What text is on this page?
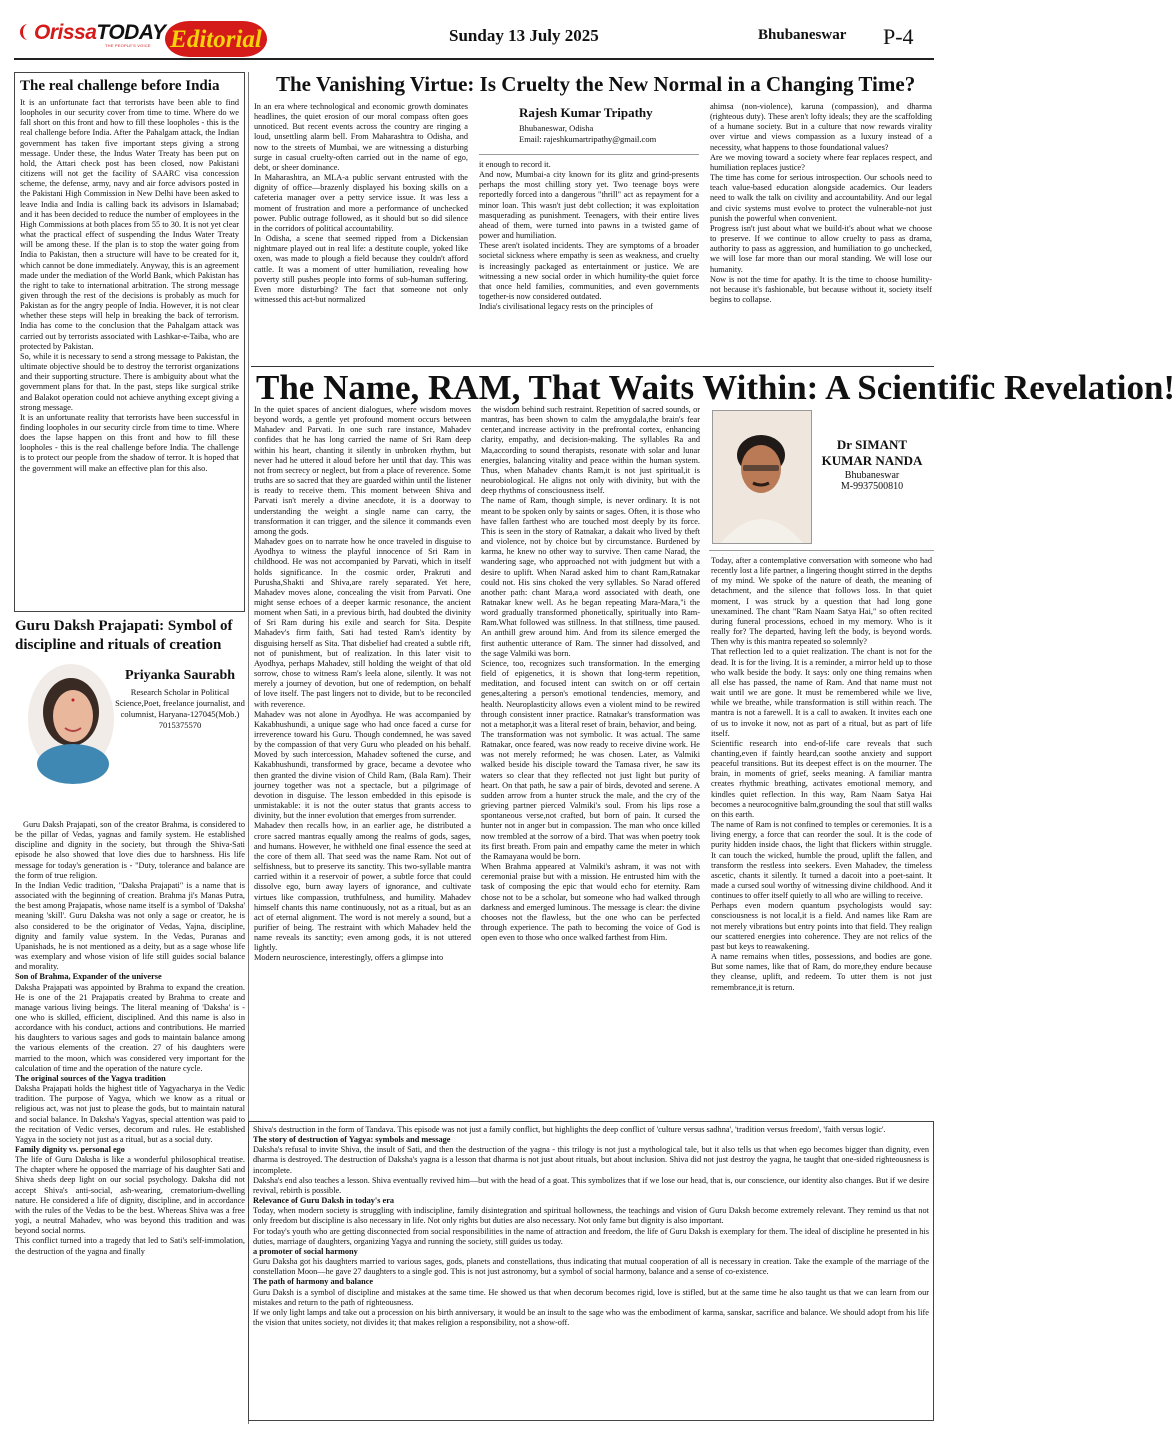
OrissaTODAY
THE PEOPLE'S VOICE Editorial	Sunday 13 July 2025	Bhubaneswar P-4
The real challenge before India

It is an unfortunate fact that terrorists have been able to find loopholes in our security cover from time to time. Where do we fall short on this front and how to fill these loopholes - this is the real challenge before India. After the Pahalgam attack, the Indian government has taken five important steps giving a strong message. Under these, the Indus Water Treaty has been put on hold, the Attari check post has been closed, now Pakistani citizens will not get the facility of SAARC visa concession scheme, the defense, army, navy and air force advisors posted in the Pakistani High Commission in New Delhi have been asked to leave India and India is calling back its advisors in Islamabad; and it has been decided to reduce the number of employees in the High Commissions at both places from 55 to 30. It is not yet clear what the practical effect of suspending the Indus Water Treaty will be among these. If the plan is to stop the water going from India to Pakistan, then a structure will have to be created for it, which cannot be done immediately. Anyway, this is an agreement made under the mediation of the World Bank, which Pakistan has the right to take to international arbitration. The strong message given through the rest of the decisions is probably as much for Pakistan as for the angry people of India. However, it is not clear whether these steps will help in breaking the back of terrorism. India has come to the conclusion that the Pahalgam attack was carried out by terrorists associated with Lashkar-e-Taiba, who are protected by Pakistan.
So, while it is necessary to send a strong message to Pakistan, the ultimate objective should be to destroy the terrorist organizations and their supporting structure. There is ambiguity about what the government plans for that. In the past, steps like surgical strike and Balakot operation could not achieve anything except giving a strong message.
It is an unfortunate reality that terrorists have been successful in finding loopholes in our security circle from time to time. Where does the lapse happen on this front and how to fill these loopholes - this is the real challenge before India. The challenge is to protect our people from the shadow of terror. It is hoped that the government will make an effective plan for this also.

Guru Daksh Prajapati: Symbol of discipline and rituals of creation
Priyanka Saurabh
Research Scholar in Political Science,Poet, freelance journalist, and columnist, Haryana-127045(Mob.) 7015375570

Guru Daksh Prajapati, son of the creator Brahma, is considered to be the pillar of Vedas, yagnas and family system. He established discipline and dignity in the society, but through the Shiva-Sati episode he also showed that love dies due to harshness. His life message for today's generation is - "Duty, tolerance and balance are the form of true religion.
In the Indian Vedic tradition, "Daksha Prajapati" is a name that is associated with the beginning of creation. Brahma ji's Manas Putra, the best among Prajapatis, whose name itself is a symbol of 'Daksha' meaning 'skill'. Guru Daksha was not only a sage or creator, he is also considered to be the originator of Vedas, Yajna, discipline, dignity and family value system. In the Vedas, Puranas and Upanishads, he is not mentioned as a deity, but as a sage whose life was exemplary and whose vision of life still guides social balance and morality.

Son of Brahma, Expander of the universe

Daksha Prajapati was appointed by Brahma to expand the creation. He is one of the 21 Prajapatis created by Brahma to create and manage various living beings. The literal meaning of 'Daksha' is - one who is skilled, efficient, disciplined. And this name is also in accordance with his conduct, actions and contributions. He married his daughters to various sages and gods to maintain balance among the various elements of the creation. 27 of his daughters were married to the moon, which was considered very important for the calculation of time and the operation of the nature cycle.

The original sources of the Yagya tradition

Daksha Prajapati holds the highest title of Yagyacharya in the Vedic tradition. The purpose of Yagya, which we know as a ritual or religious act, was not just to please the gods, but to maintain natural and social balance. In Daksha's Yagyas, special attention was paid to the recitation of Vedic verses, decorum and rules. He established Yagya in the society not just as a ritual, but as a social duty.

Family dignity vs. personal ego

The life of Guru Daksha is like a wonderful philosophical treatise. The chapter where he opposed the marriage of his daughter Sati and Shiva sheds deep light on our social psychology. Daksha did not accept Shiva's anti-social, ash-wearing, crematorium-dwelling nature. He considered a life of dignity, discipline, and in accordance with the rules of the Vedas to be the best. Whereas Shiva was a free yogi, a neutral Mahadev, who was beyond this tradition and was beyond social norms.
This conflict turned into a tragedy that led to Sati's self-immolation, the destruction of the yagna and finally

The Vanishing Virtue: Is Cruelty the New Normal in a Changing Time?

In an era where technological and economic growth dominates headlines, the quiet erosion of our moral compass often goes unnoticed. But recent events across the country are ringing a loud, unsettling alarm bell. From Maharashtra to Odisha, and now to the streets of Mumbai, we are witnessing a disturbing surge in casual cruelty-often carried out in the name of ego, debt, or sheer dominance.
In Maharashtra, an MLA-a public servant entrusted with the dignity of office—brazenly displayed his boxing skills on a cafeteria manager over a petty service issue. It was less a moment of frustration and more a performance of unchecked power. Public outrage followed, as it should but so did silence in the corridors of political accountability.
In Odisha, a scene that seemed ripped from a Dickensian nightmare played out in real life: a destitute couple, yoked like oxen, was made to plough a field because they couldn't afford cattle. It was a moment of utter humiliation, revealing how poverty still pushes people into forms of sub-human suffering. Even more disturbing? The fact that someone not only witnessed this act-but normalized

Rajesh Kumar Tripathy
Bhubaneswar, Odisha
Email: rajeshkumartripathy@gmail.com

it enough to record it.
And now, Mumbai-a city known for its glitz and grind-presents perhaps the most chilling story yet. Two teenage boys were reportedly forced into a dangerous "thrill" act as repayment for a minor loan. This wasn't just debt collection; it was exploitation masquerading as punishment. Teenagers, with their entire lives ahead of them, were turned into pawns in a twisted game of power and humiliation.
These aren't isolated incidents. They are symptoms of a broader societal sickness where empathy is seen as weakness, and cruelty is increasingly packaged as entertainment or justice. We are witnessing a new social order in which humility-the quiet force that once held families, communities, and even governments together-is now considered outdated.
India's civilisational legacy rests on the principles of

ahimsa (non-violence), karuna (compassion), and dharma (righteous duty). These aren't lofty ideals; they are the scaffolding of a humane society. But in a culture that now rewards virality over virtue and views compassion as a luxury instead of a necessity, what happens to those foundational values?
Are we moving toward a society where fear replaces respect, and humiliation replaces justice?
The time has come for serious introspection. Our schools need to teach value-based education alongside academics. Our leaders need to walk the talk on civility and accountability. And our legal and civic systems must evolve to protect the vulnerable-not just punish the powerful when convenient.
Progress isn't just about what we build-it's about what we choose to preserve. If we continue to allow cruelty to pass as drama, authority to pass as aggression, and humiliation to go unchecked, we will lose far more than our moral standing. We will lose our humanity.
Now is not the time for apathy. It is the time to choose humility-not because it's fashionable, but because without it, society itself begins to collapse.

The Name, RAM, That Waits Within: A Scientific Revelation!

In the quiet spaces of ancient dialogues, where wisdom moves beyond words, a gentle yet profound moment occurs between Mahadev and Parvati. In one such rare instance, Mahadev confides that he has long carried the name of Sri Ram deep within his heart, chanting it silently in unbroken rhythm, but never had he uttered it aloud before her until that day. This was not from secrecy or neglect, but from a place of reverence. Some truths are so sacred that they are guarded within until the listener is ready to receive them. This moment between Shiva and Parvati isn't merely a divine anecdote, it is a doorway to understanding the weight a single name can carry, the transformation it can trigger, and the silence it commands even among the gods.
Mahadev goes on to narrate how he once traveled in disguise to Ayodhya to witness the playful innocence of Sri Ram in childhood. He was not accompanied by Parvati, which in itself holds significance. In the cosmic order, Prakruti and Purusha,Shakti and Shiva,are rarely separated. Yet here, Mahadev moves alone, concealing the visit from Parvati. One might sense echoes of a deeper karmic resonance, the ancient moment when Sati, in a previous birth, had doubted the divinity of Sri Ram during his exile and search for Sita. Despite Mahadev's firm faith, Sati had tested Ram's identity by disguising herself as Sita. That disbelief had created a subtle rift, not of punishment, but of realization. In this later visit to Ayodhya, perhaps Mahadev, still holding the weight of that old sorrow, chose to witness Ram's leela alone, silently. It was not merely a journey of devotion, but one of redemption, on behalf of love itself. The past lingers not to divide, but to be reconciled with reverence.
Mahadev was not alone in Ayodhya. He was accompanied by Kakabhushundi, a unique sage who had once faced a curse for irreverence toward his Guru. Though condemned, he was saved by the compassion of that very Guru who pleaded on his behalf. Moved by such intercession, Mahadev softened the curse, and Kakabhushundi, transformed by grace, became a devotee who then granted the divine vision of Child Ram, (Bala Ram). Their journey together was not a spectacle, but a pilgrimage of devotion in disguise. The lesson embedded in this episode is unmistakable: it is not the outer status that grants access to divinity, but the inner evolution that emerges from surrender.
Mahadev then recalls how, in an earlier age, he distributed a crore sacred mantras equally among the realms of gods, sages, and humans. However, he withheld one final essence the seed at the core of them all. That seed was the name Ram. Not out of selfishness, but to preserve its sanctity. This two-syllable mantra carried within it a reservoir of power, a subtle force that could dissolve ego, burn away layers of ignorance, and cultivate virtues like compassion, truthfulness, and humility. Mahadev himself chants this name continuously, not as a ritual, but as an act of eternal alignment. The word is not merely a sound, but a purifier of being. The restraint with which Mahadev held the name reveals its sanctity; even among gods, it is not uttered lightly.
Modern neuroscience, interestingly, offers a glimpse into

the wisdom behind such restraint. Repetition of sacred sounds, or mantras, has been shown to calm the amygdala,the brain's fear center,and increase activity in the prefrontal cortex, enhancing clarity, empathy, and decision-making. The syllables Ra and Ma,according to sound therapists, resonate with solar and lunar energies, balancing vitality and peace within the human system. Thus, when Mahadev chants Ram,it is not just spiritual,it is neurobiological. He aligns not only with divinity, but with the deep rhythms of consciousness itself.
The name of Ram, though simple, is never ordinary. It is not meant to be spoken only by saints or sages. Often, it is those who have fallen farthest who are touched most deeply by its force. This is seen in the story of Ratnakar, a dakait who lived by theft and violence, not by choice but by circumstance. Burdened by karma, he knew no other way to survive. Then came Narad, the wandering sage, who approached not with judgment but with a desire to uplift. When Narad asked him to chant Ram,Ratnakar could not. His sins choked the very syllables. So Narad offered another path: chant Mara,a word associated with death, one Ratnakar knew well. As he began repeating Mara-Mara,"i the word gradually transformed phonetically, spiritually into Ram-Ram.What followed was stillness. In that stillness, time paused. An anthill grew around him. And from its silence emerged the first authentic utterance of Ram. The sinner had dissolved, and the sage Valmiki was born.
Science, too, recognizes such transformation. In the emerging field of epigenetics, it is shown that long-term repetition, meditation, and focused intent can switch on or off certain genes,altering a person's emotional tendencies, memory, and health. Neuroplasticity allows even a violent mind to be rewired through consistent inner practice. Ratnakar's transformation was not a metaphor,it was a literal reset of brain, behavior, and being.
The transformation was not symbolic. It was actual. The same Ratnakar, once feared, was now ready to receive divine work. He was not merely reformed; he was chosen. Later, as Valmiki walked beside his disciple toward the Tamasa river, he saw its waters so clear that they reflected not just light but purity of heart. On that path, he saw a pair of birds, devoted and serene. A sudden arrow from a hunter struck the male, and the cry of the grieving partner pierced Valmiki's soul. From his lips rose a spontaneous verse,not crafted, but born of pain. It cursed the hunter not in anger but in compassion. The man who once killed now trembled at the sorrow of a bird. That was when poetry took its first breath. From pain and empathy came the meter in which the Ramayana would be born.
When Brahma appeared at Valmiki's ashram, it was not with ceremonial praise but with a mission. He entrusted him with the task of composing the epic that would echo for eternity. Ram chose not to be a scholar, but someone who had walked through darkness and emerged luminous. The message is clear: the divine chooses not the flawless, but the one who can be perfected through experience. The path to becoming the voice of God is open even to those who once walked farthest from Him.

Dr SIMANT
KUMAR NANDA
Bhubaneswar
M-9937500810

Today, after a contemplative conversation with someone who had recently lost a life partner, a lingering thought stirred in the depths of my mind. We spoke of the nature of death, the meaning of detachment, and the silence that follows loss. In that quiet moment, I was struck by a question that had long gone unexamined. The chant "Ram Naam Satya Hai," so often recited during funeral processions, echoed in my memory. Who is it really for? The departed, having left the body, is beyond words. Then why is this mantra repeated so solemnly?
That reflection led to a quiet realization. The chant is not for the dead. It is for the living. It is a reminder, a mirror held up to those who walk beside the body. It says: only one thing remains when all else has passed, the name of Ram. And that name must not wait until we are gone. It must be remembered while we live, while we breathe, while transformation is still within reach. The mantra is not a farewell. It is a call to awaken. It invites each one of us to invoke it now, not as part of a ritual, but as part of life itself.
Scientific research into end-of-life care reveals that such chanting,even if faintly heard,can soothe anxiety and support peaceful transitions. But its deepest effect is on the mourner. The brain, in moments of grief, seeks meaning. A familiar mantra creates rhythmic breathing, activates emotional memory, and kindles quiet reflection. In this way, Ram Naam Satya Hai becomes a neurocognitive balm,grounding the soul that still walks on this earth.
The name of Ram is not confined to temples or ceremonies. It is a living energy, a force that can reorder the soul. It is the code of purity hidden inside chaos, the light that flickers within struggle. It can touch the wicked, humble the proud, uplift the fallen, and transform the restless into seekers. Even Mahadev, the timeless ascetic, chants it silently. It turned a dacoit into a poet-saint. It made a cursed soul worthy of witnessing divine childhood. And it continues to offer itself quietly to all who are willing to receive.
Perhaps even modern quantum psychologists would say: consciousness is not local,it is a field. And names like Ram are not merely vibrations but entry points into that field. They realign our scattered energies into coherence. They are not relics of the past but keys to reawakening.
A name remains when titles, possessions, and bodies are gone. But some names, like that of Ram, do more,they endure because they cleanse, uplift, and redeem. To utter them is not just remembrance,it is return.

Shiva's destruction in the form of Tandava. This episode was not just a family conflict, but highlights the deep conflict of 'culture versus sadhna', 'tradition versus freedom', 'faith versus logic'.

The story of destruction of Yagya: symbols and message

Daksha's refusal to invite Shiva, the insult of Sati, and then the destruction of the yagna - this trilogy is not just a mythological tale, but it also tells us that when ego becomes bigger than dignity, even dharma is destroyed. The destruction of Daksha's yagna is a lesson that dharma is not just about rituals, but about inclusion. Shiva did not just destroy the yagna, he taught that one-sided righteousness is incomplete.
Daksha's end also teaches a lesson. Shiva eventually revived him—but with the head of a goat. This symbolizes that if we lose our head, that is, our conscience, our identity also changes. But if we desire revival, rebirth is possible.

Relevance of Guru Daksh in today's era

Today, when modern society is struggling with indiscipline, family disintegration and spiritual hollowness, the teachings and vision of Guru Daksh become extremely relevant. They remind us that not only freedom but discipline is also necessary in life. Not only rights but duties are also necessary. Not only fame but dignity is also important.
For today's youth who are getting disconnected from social responsibilities in the name of attraction and freedom, the life of Guru Daksh is exemplary for them. The ideal of discipline he presented in his duties, marriage of daughters, organizing Yagya and running the society, still guides us today.

a promoter of social harmony

Guru Daksha got his daughters married to various sages, gods, planets and constellations, thus indicating that mutual cooperation of all is necessary in creation. Take the example of the marriage of the constellation Moon—he gave 27 daughters to a single god. This is not just astronomy, but a symbol of social harmony, balance and a sense of co-existence.

The path of harmony and balance

Guru Daksh is a symbol of discipline and mistakes at the same time. He showed us that when decorum becomes rigid, love is stifled, but at the same time he also taught us that we can learn from our mistakes and return to the path of righteousness.
If we only light lamps and take out a procession on his birth anniversary, it would be an insult to the sage who was the embodiment of karma, sanskar, sacrifice and balance. We should adopt from his life the vision that unites society, not divides it; that makes religion a responsibility, not a show-off.
